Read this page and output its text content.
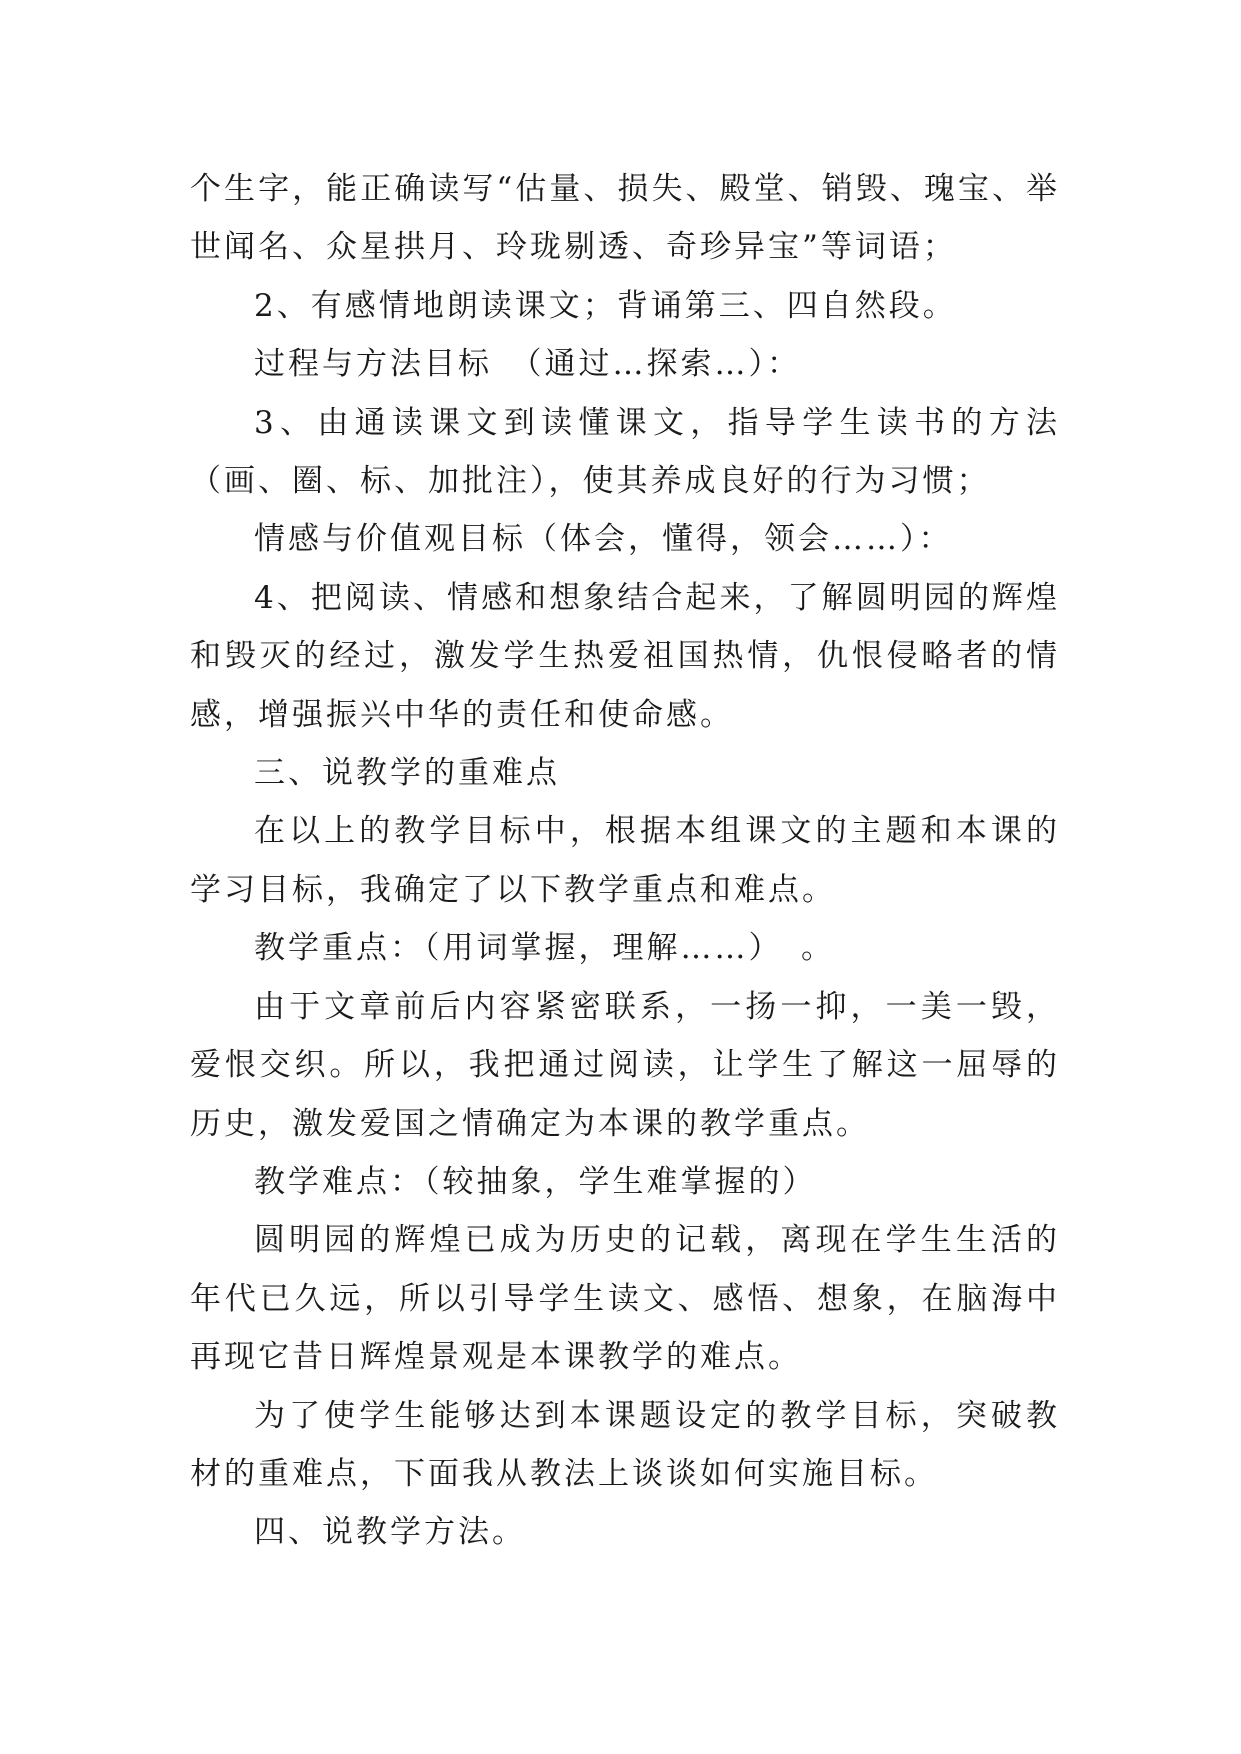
个生字，能正确读写“估量、损失、殿堂、销毁、瑰宝、举世闻名、众星拱月、玲珑剔透、奇珍异宝”等词语；

2、有感情地朗读课文；背诵第三、四自然段。

过程与方法目标　（通过…探索…）：

3、由通读课文到读懂课文，指导学生读书的方法（画、圈、标、加批注），使其养成良好的行为习惯；

情感与价值观目标（体会，懂得，领会……）：

4、把阅读、情感和想象结合起来，了解圆明园的辉煌和毁灭的经过，激发学生热爱祖国热情，仇恨侵略者的情感，增强振兴中华的责任和使命感。

三、说教学的重难点

在以上的教学目标中，根据本组课文的主题和本课的学习目标，我确定了以下教学重点和难点。

教学重点：（用词掌握，理解……）　。

由于文章前后内容紧密联系，一扬一抑，一美一毁，爱恨交织。所以，我把通过阅读，让学生了解这一屈辱的历史，激发爱国之情确定为本课的教学重点。

教学难点：（较抽象，学生难掌握的）

圆明园的辉煌已成为历史的记载，离现在学生生活的年代已久远，所以引导学生读文、感悟、想象，在脑海中再现它昔日辉煌景观是本课教学的难点。

为了使学生能够达到本课题设定的教学目标，突破教材的重难点，下面我从教法上谈谈如何实施目标。

四、说教学方法。
